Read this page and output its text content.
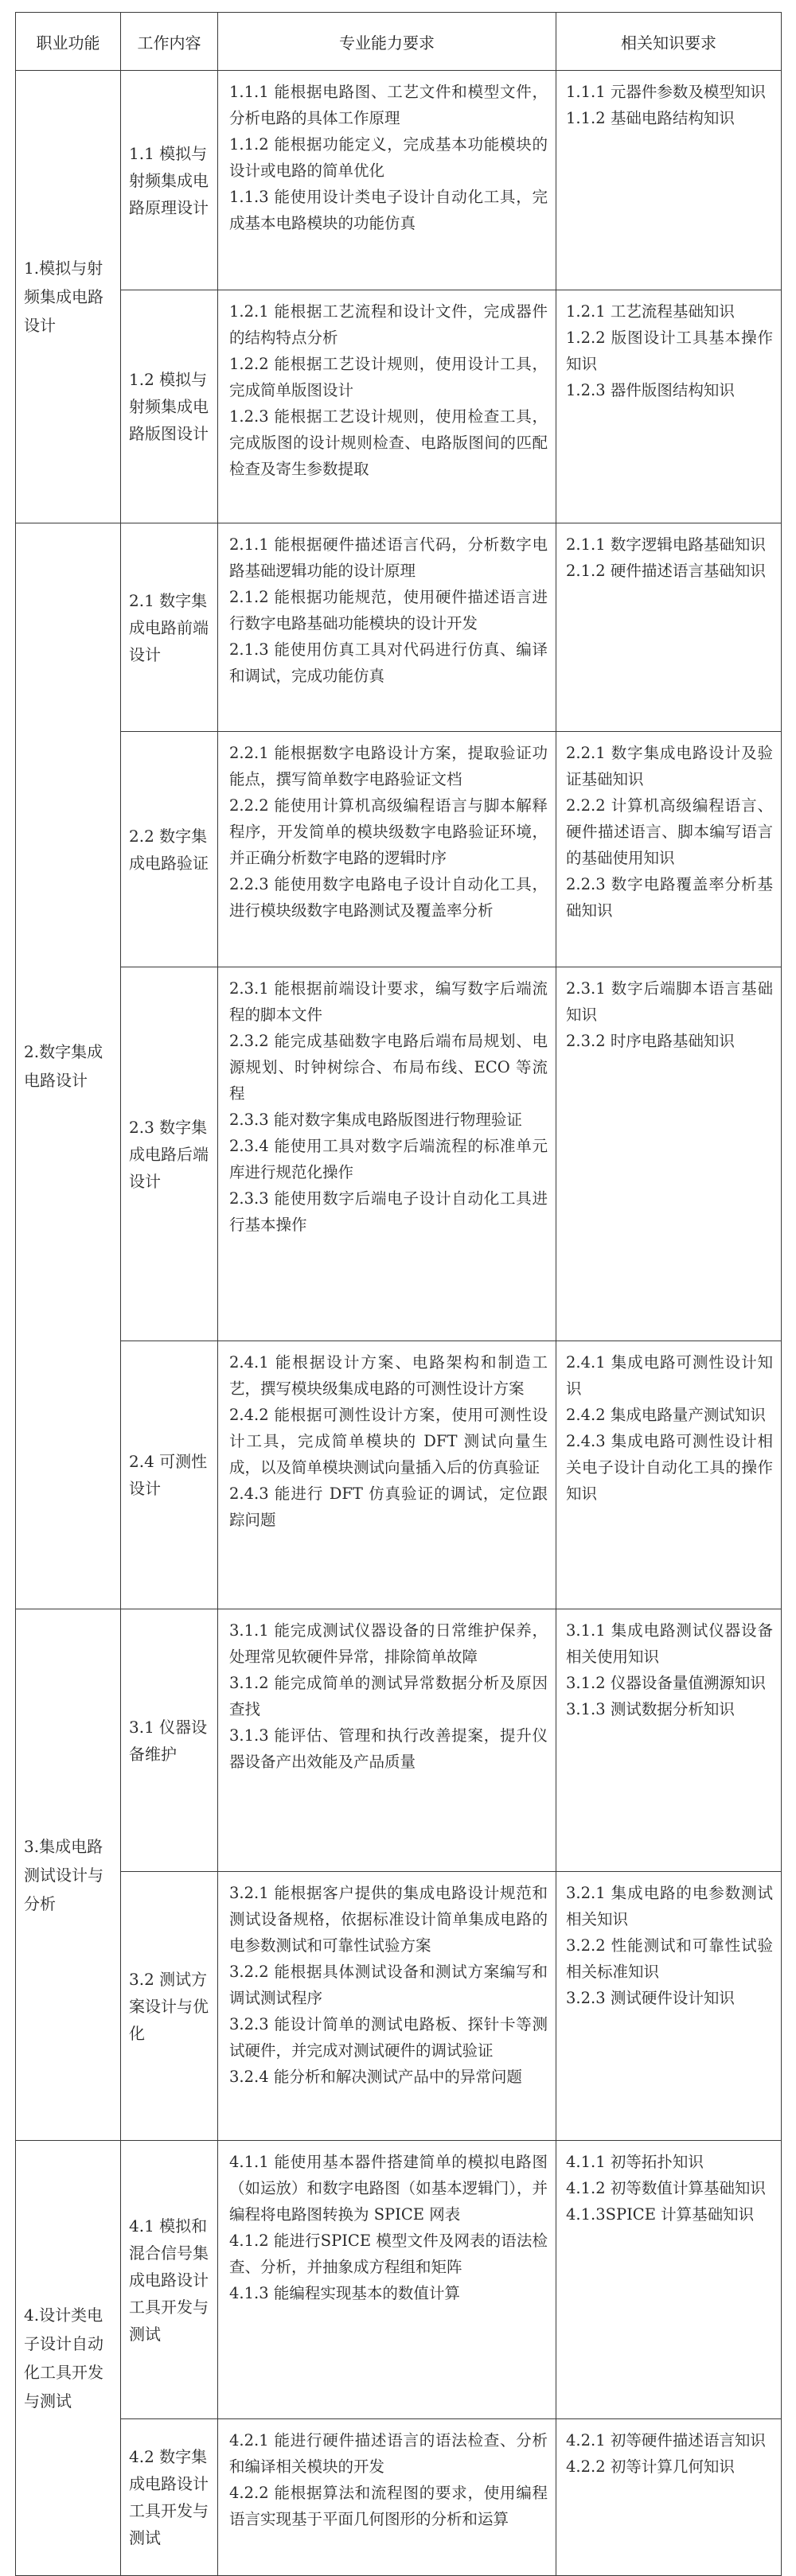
职业功能	工作内容	专业能力要求	相关知识要求
1.模拟与射频集成电路设计	1.1 模拟与射频集成电路原理设计	1.1.1 能根据电路图、工艺文件和模型文件，分析电路的具体工作原理
1.1.2 能根据功能定义，完成基本功能模块的设计或电路的简单优化
1.1.3 能使用设计类电子设计自动化工具，完成基本电路模块的功能仿真	1.1.1 元器件参数及模型知识
1.1.2 基础电路结构知识

	1.2 模拟与射频集成电路版图设计	1.2.1 能根据工艺流程和设计文件，完成器件的结构特点分析
1.2.2 能根据工艺设计规则，使用设计工具，完成简单版图设计
1.2.3 能根据工艺设计规则，使用检查工具，完成版图的设计规则检查、电路版图间的匹配检查及寄生参数提取	1.2.1 工艺流程基础知识
1.2.2 版图设计工具基本操作知识
1.2.3 器件版图结构知识

2.数字集成电路设计	2.1 数字集成电路前端设计	2.1.1 能根据硬件描述语言代码，分析数字电路基础逻辑功能的设计原理
2.1.2 能根据功能规范，使用硬件描述语言进行数字电路基础功能模块的设计开发
2.1.3 能使用仿真工具对代码进行仿真、编译和调试，完成功能仿真	2.1.1 数字逻辑电路基础知识
2.1.2 硬件描述语言基础知识

	2.2 数字集成电路验证	2.2.1 能根据数字电路设计方案，提取验证功能点，撰写简单数字电路验证文档
2.2.2 能使用计算机高级编程语言与脚本解释程序，开发简单的模块级数字电路验证环境，并正确分析数字电路的逻辑时序
2.2.3 能使用数字电路电子设计自动化工具，进行模块级数字电路测试及覆盖率分析	2.2.1 数字集成电路设计及验证基础知识
2.2.2 计算机高级编程语言、硬件描述语言、脚本编写语言的基础使用知识
2.2.3 数字电路覆盖率分析基础知识

	2.3 数字集成电路后端设计	2.3.1 能根据前端设计要求，编写数字后端流程的脚本文件
2.3.2 能完成基础数字电路后端布局规划、电源规划、时钟树综合、布局布线、ECO 等流程
2.3.3 能对数字集成电路版图进行物理验证
2.3.4 能使用工具对数字后端流程的标准单元库进行规范化操作
2.3.3 能使用数字后端电子设计自动化工具进行基本操作	2.3.1 数字后端脚本语言基础知识
2.3.2 时序电路基础知识

	2.4 可测性设计	2.4.1 能根据设计方案、电路架构和制造工艺，撰写模块级集成电路的可测性设计方案
2.4.2 能根据可测性设计方案，使用可测性设计工具，完成简单模块的 DFT 测试向量生成，以及简单模块测试向量插入后的仿真验证
2.4.3 能进行 DFT 仿真验证的调试，定位跟踪问题	2.4.1 集成电路可测性设计知识
2.4.2 集成电路量产测试知识
2.4.3 集成电路可测性设计相关电子设计自动化工具的操作知识

3.集成电路测试设计与分析	3.1 仪器设备维护	3.1.1 能完成测试仪器设备的日常维护保养，处理常见软硬件异常，排除简单故障
3.1.2 能完成简单的测试异常数据分析及原因查找
3.1.3 能评估、管理和执行改善提案，提升仪器设备产出效能及产品质量	3.1.1 集成电路测试仪器设备相关使用知识
3.1.2 仪器设备量值溯源知识
3.1.3 测试数据分析知识

	3.2 测试方案设计与优化	3.2.1 能根据客户提供的集成电路设计规范和测试设备规格，依据标准设计简单集成电路的电参数测试和可靠性试验方案
3.2.2 能根据具体测试设备和测试方案编写和调试测试程序
3.2.3 能设计简单的测试电路板、探针卡等测试硬件，并完成对测试硬件的调试验证
3.2.4 能分析和解决测试产品中的异常问题	3.2.1 集成电路的电参数测试相关知识
3.2.2 性能测试和可靠性试验相关标准知识
3.2.3 测试硬件设计知识

4.设计类电子设计自动化工具开发与测试	4.1 模拟和混合信号集成电路设计工具开发与测试	4.1.1 能使用基本器件搭建简单的模拟电路图（如运放）和数字电路图（如基本逻辑门），并编程将电路图转换为 SPICE 网表
4.1.2 能进行SPICE 模型文件及网表的语法检查、分析，并抽象成方程组和矩阵
4.1.3 能编程实现基本的数值计算	4.1.1 初等拓扑知识
4.1.2 初等数值计算基础知识
4.1.3SPICE 计算基础知识

	4.2 数字集成电路设计工具开发与测试	4.2.1 能进行硬件描述语言的语法检查、分析和编译相关模块的开发
4.2.2 能根据算法和流程图的要求，使用编程语言实现基于平面几何图形的分析和运算	4.2.1 初等硬件描述语言知识
4.2.2 初等计算几何知识
